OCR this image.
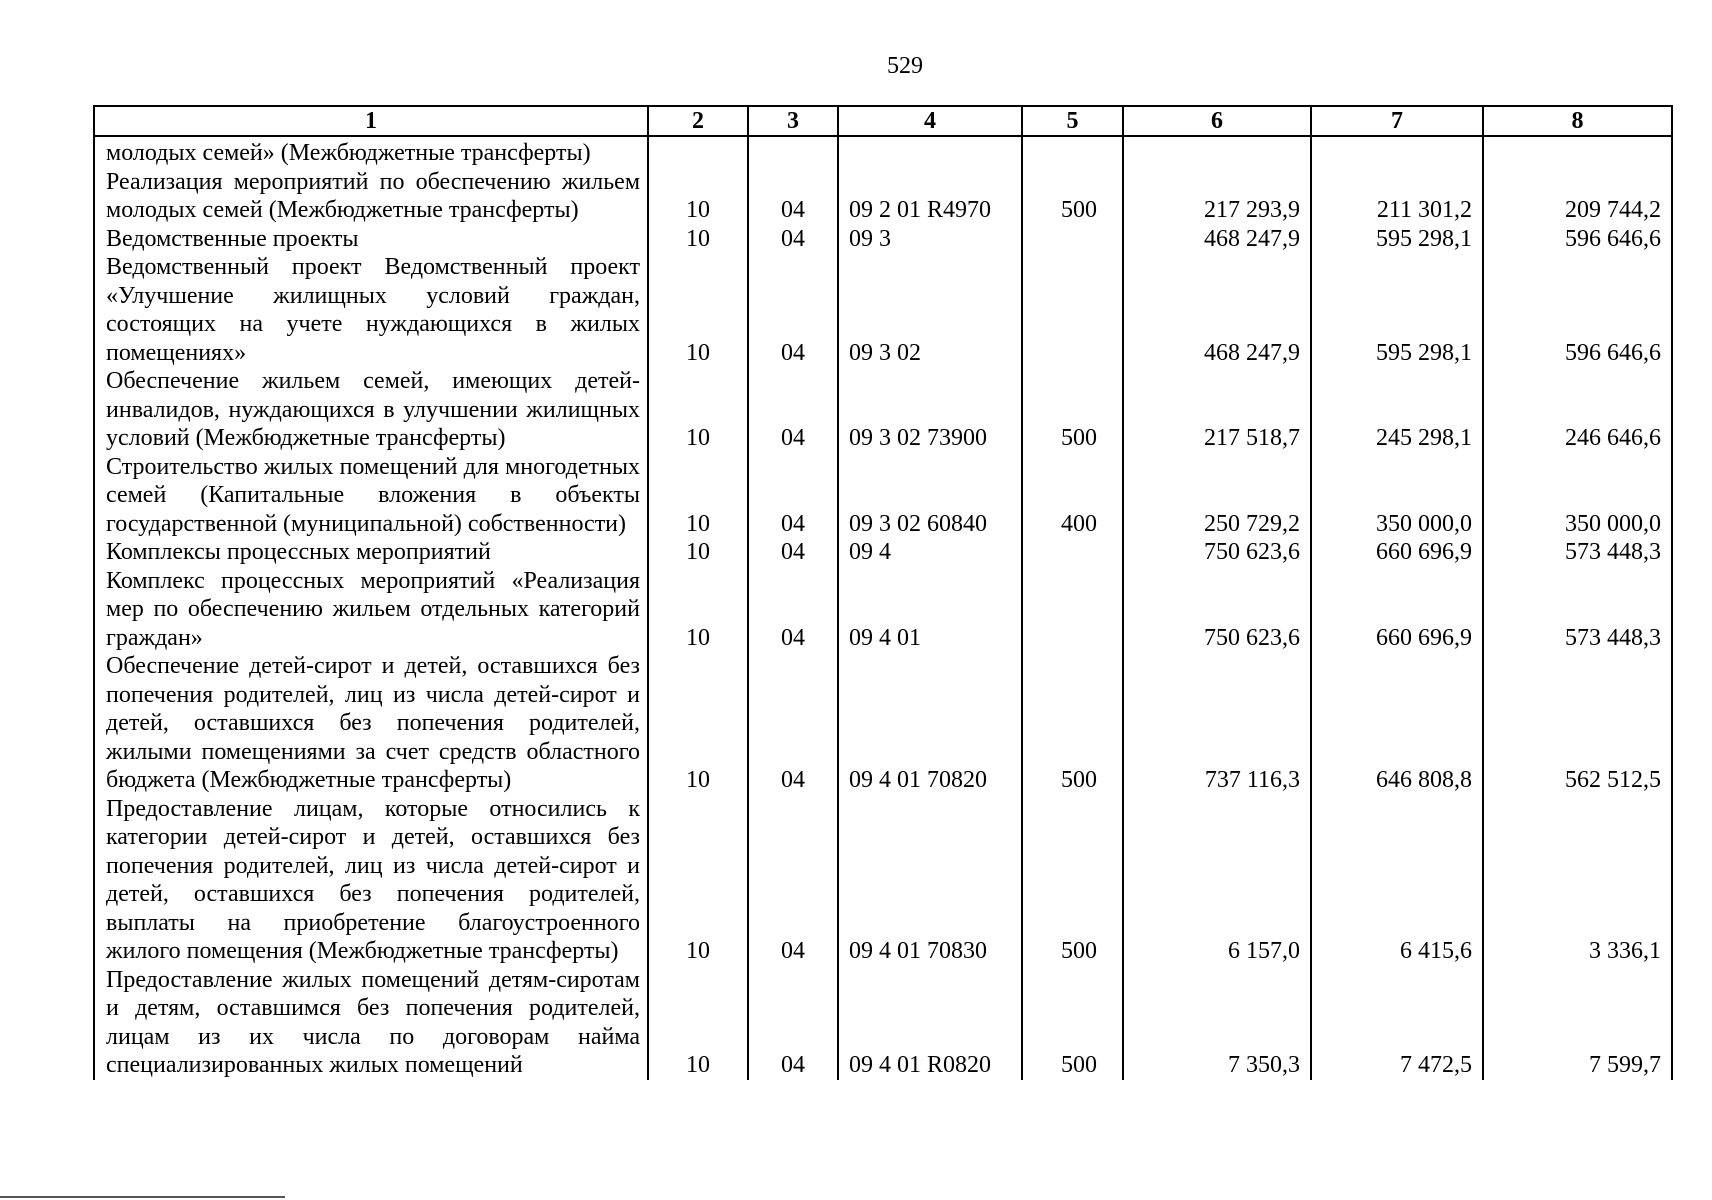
529
1	2	3	4	5	6	7	8
молодых семей» (Межбюджетные трансферты)							
Реализация мероприятий по обеспечению жильем молодых семей (Межбюджетные трансферты)	10	04	09 2 01 R4970	500	217 293,9	211 301,2	209 744,2
Ведомственные проекты	10	04	09 3		468 247,9	595 298,1	596 646,6
Ведомственный проект Ведомственный проект «Улучшение жилищных условий граждан, состоящих на учете нуждающихся в жилых помещениях»	10	04	09 3 02		468 247,9	595 298,1	596 646,6
Обеспечение жильем семей, имеющих детей-инвалидов, нуждающихся в улучшении жилищных условий (Межбюджетные трансферты)	10	04	09 3 02 73900	500	217 518,7	245 298,1	246 646,6
Строительство жилых помещений для многодетных семей (Капитальные вложения в объекты государственной (муниципальной) собственности)	10	04	09 3 02 60840	400	250 729,2	350 000,0	350 000,0
Комплексы процессных мероприятий	10	04	09 4		750 623,6	660 696,9	573 448,3
Комплекс процессных мероприятий «Реализация мер по обеспечению жильем отдельных категорий граждан»	10	04	09 4 01		750 623,6	660 696,9	573 448,3
Обеспечение детей-сирот и детей, оставшихся без попечения родителей, лиц из числа детей-сирот и детей, оставшихся без попечения родителей, жилыми помещениями за счет средств областного бюджета (Межбюджетные трансферты)	10	04	09 4 01 70820	500	737 116,3	646 808,8	562 512,5
Предоставление лицам, которые относились к категории детей-сирот и детей, оставшихся без попечения родителей, лиц из числа детей-сирот и детей, оставшихся без попечения родителей, выплаты на приобретение благоустроенного жилого помещения (Межбюджетные трансферты)	10	04	09 4 01 70830	500	6 157,0	6 415,6	3 336,1
Предоставление жилых помещений детям-сиротам и детям, оставшимся без попечения родителей, лицам из их числа по договорам найма специализированных жилых помещений	10	04	09 4 01 R0820	500	7 350,3	7 472,5	7 599,7
